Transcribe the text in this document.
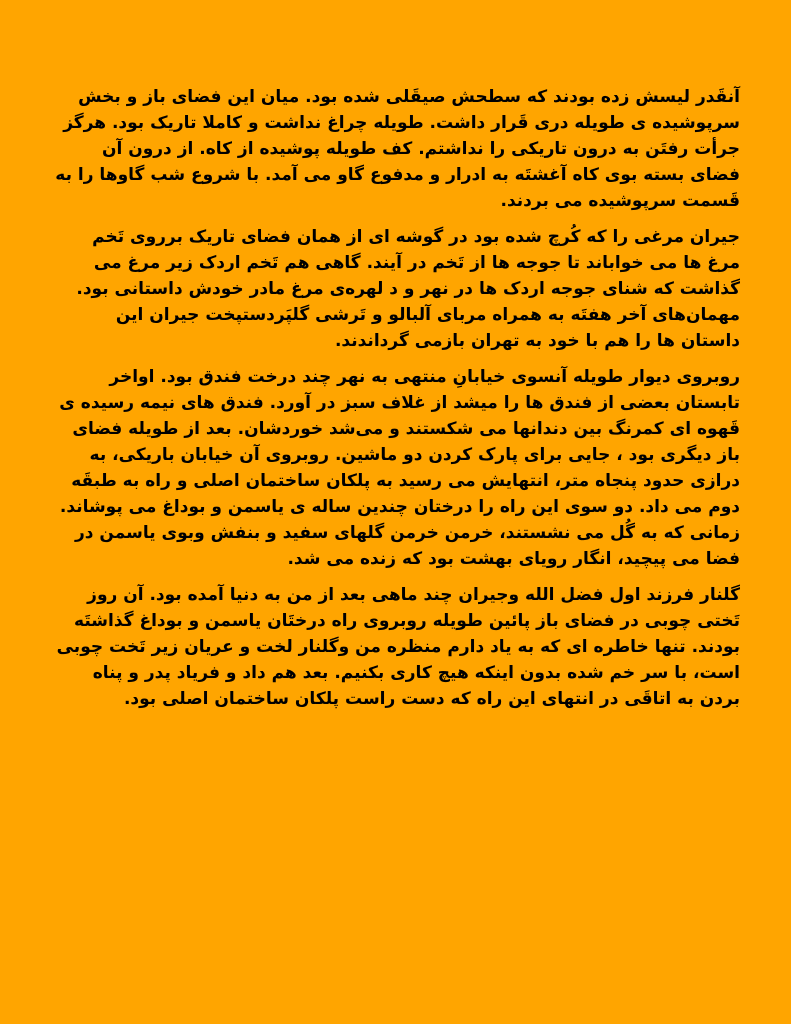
آنقَدر لیسش زده بودند که سطحش صیقَلی شده بود. میان این فضای باز و بخش سرپوشیده ی طویله دری قَرار داشت. طویله چراغ نداشت و کاملا تاریک بود. هرگز جرأت رفتَن به درون تاریکی را نداشتم. کف طویله پوشیده از کاه. از درون آن فضای بسته بوی کاه آغشتَه به ادرار و مدفوع گاو می آمد. با شروع شب گاوها را به قَسمت سرپوشیده می بردند.

جیران مرغی را که کُرچ شده بود در گوشه ای از همان فضای تاریک برروی تَخم مرغ ها می خواباند تا جوجه ها از تَخم در آیند. گاهی هم تَخم اردک زیر مرغ می گذاشت که شنای جوجه اردک ها در نهر و د لهره‌ی مرغ مادر خودش داستانی بود. مهمان‌های آخر هفتَه به همراه مربای آلبالو و تَرشی گلپَردستپخت جیران این داستان ها را هم با خود به تهران بازمی گرداندند.

روبروی دیوار طویله آنسوی خیابانِ منتهی به نهر چند درخت فندق بود. اواخر تابستان بعضی از فندق ها را میشد از غلاف سبز در آورد. فندق های نیمه رسیده ی قَهوه ای کمرنگ بین دندانها می شکستند و می‌شد خوردشان. بعد از طویله فضای باز دیگری بود ، جایی برای پارک کردن دو ماشین. روبروی آن خیابان باریکی، به درازی حدود پنجاه متر، انتهایش می رسید به پلکان ساختمان اصلی و راه به طبقَه دوم می داد. دو سوی این راه را درختان چندین ساله ی یاسمن و بوداغ می پوشاند. زمانی که به گُل می نشستند، خرمن خرمن گلهای سفید و بنفش وبوی یاسمن در فضا می پیچید، انگار رویای بهشت بود که زنده می شد.

گلنار فرزند اول فضل الله وجیران چند ماهی بعد از من به دنیا آمده بود. آن روز تَختی چوبی در فضای باز پائین طویله روبروی راه درختَان یاسمن و بوداغ گذاشتَه بودند. تنها خاطره ای که به یاد دارم منظره من وگلنار لخت و عریان زیر تَخت چوبی است، با سر خم شده بدون اینکه هیچ کاری بکنیم. بعد هم داد و فریاد پدر و پناه بردن به اتاقَی در انتهای این راه که دست راست پلکان ساختمان اصلی بود.
